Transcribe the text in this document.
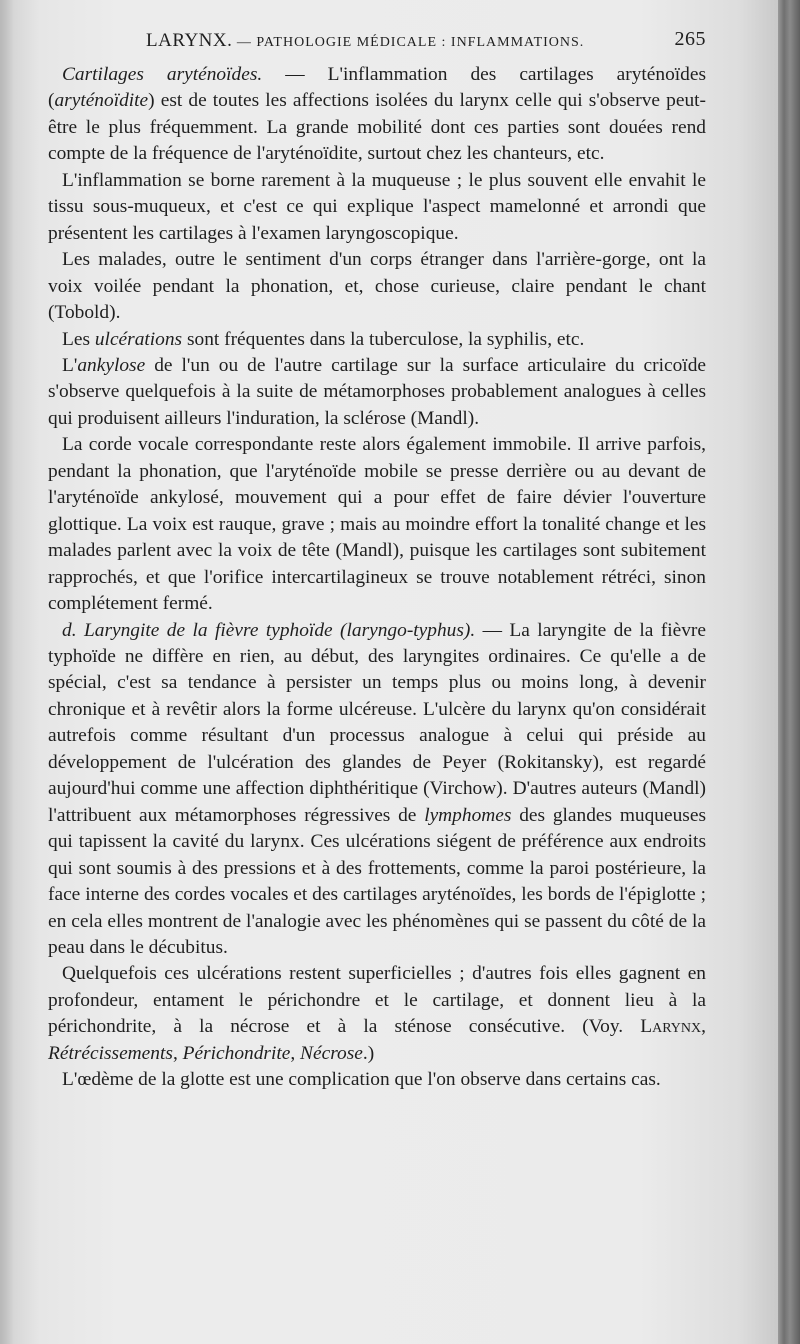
LARYNX. — PATHOLOGIE MÉDICALE : INFLAMMATIONS.	265

Cartilages aryténoïdes. — L'inflammation des cartilages aryténoïdes (aryténoïdite) est de toutes les affections isolées du larynx celle qui s'observe peut-être le plus fréquemment. La grande mobilité dont ces parties sont douées rend compte de la fréquence de l'aryténoïdite, surtout chez les chanteurs, etc.

L'inflammation se borne rarement à la muqueuse ; le plus souvent elle envahit le tissu sous-muqueux, et c'est ce qui explique l'aspect mamelonné et arrondi que présentent les cartilages à l'examen laryngoscopique.

Les malades, outre le sentiment d'un corps étranger dans l'arrière-gorge, ont la voix voilée pendant la phonation, et, chose curieuse, claire pendant le chant (Tobold).

Les ulcérations sont fréquentes dans la tuberculose, la syphilis, etc.

L'ankylose de l'un ou de l'autre cartilage sur la surface articulaire du cricoïde s'observe quelquefois à la suite de métamorphoses probablement analogues à celles qui produisent ailleurs l'induration, la sclérose (Mandl).

La corde vocale correspondante reste alors également immobile. Il arrive parfois, pendant la phonation, que l'aryténoïde mobile se presse derrière ou au devant de l'aryténoïde ankylosé, mouvement qui a pour effet de faire dévier l'ouverture glottique. La voix est rauque, grave ; mais au moindre effort la tonalité change et les malades parlent avec la voix de tête (Mandl), puisque les cartilages sont subitement rapprochés, et que l'orifice intercartilagineux se trouve notablement rétréci, sinon complétement fermé.

d. Laryngite de la fièvre typhoïde (laryngo-typhus). — La laryngite de la fièvre typhoïde ne diffère en rien, au début, des laryngites ordinaires. Ce qu'elle a de spécial, c'est sa tendance à persister un temps plus ou moins long, à devenir chronique et à revêtir alors la forme ulcéreuse. L'ulcère du larynx qu'on considérait autrefois comme résultant d'un processus analogue à celui qui préside au développement de l'ulcération des glandes de Peyer (Rokitansky), est regardé aujourd'hui comme une affection diphthéritique (Virchow). D'autres auteurs (Mandl) l'attribuent aux métamorphoses régressives de lymphomes des glandes muqueuses qui tapissent la cavité du larynx. Ces ulcérations siégent de préférence aux endroits qui sont soumis à des pressions et à des frottements, comme la paroi postérieure, la face interne des cordes vocales et des cartilages aryténoïdes, les bords de l'épiglotte ; en cela elles montrent de l'analogie avec les phénomènes qui se passent du côté de la peau dans le décubitus.

Quelquefois ces ulcérations restent superficielles ; d'autres fois elles gagnent en profondeur, entament le périchondre et le cartilage, et donnent lieu à la périchondrite, à la nécrose et à la sténose consécutive. (Voy. Larynx, Rétrécissements, Périchondrite, Nécrose.)

L'œdème de la glotte est une complication que l'on observe dans certains cas.
